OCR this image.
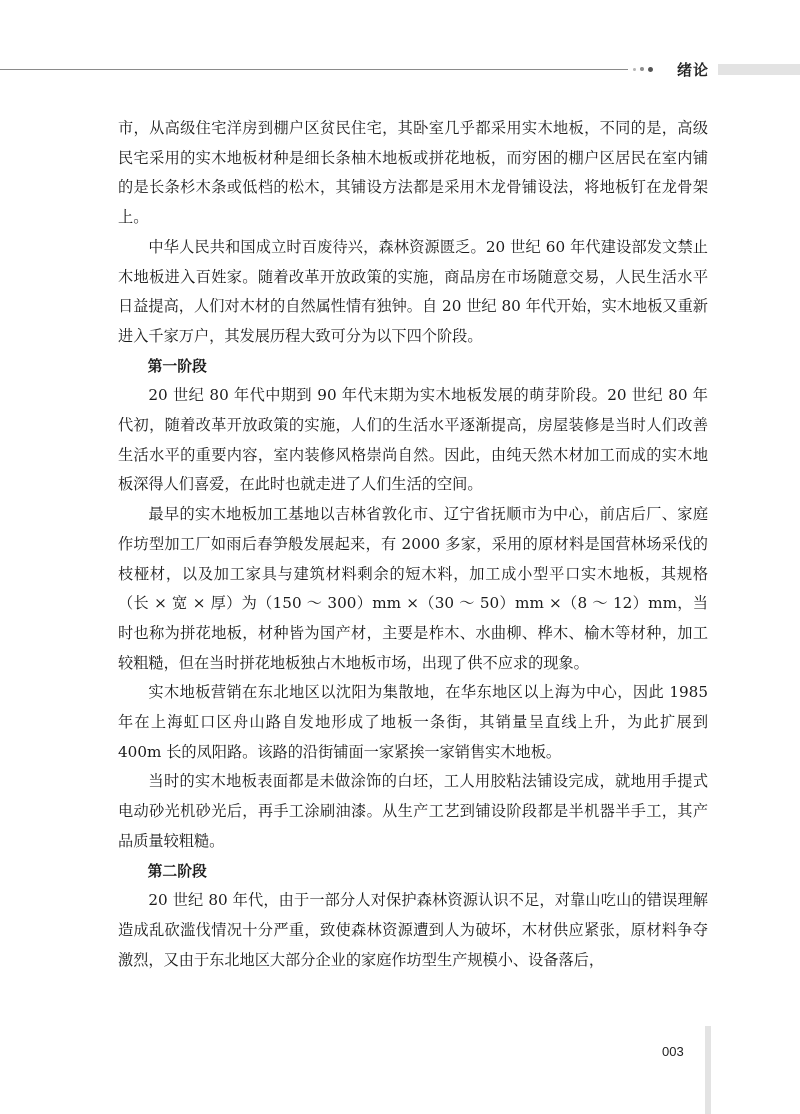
绪论

市，从高级住宅洋房到棚户区贫民住宅，其卧室几乎都采用实木地板，不同的是，高级民宅采用的实木地板材种是细长条柚木地板或拼花地板，而穷困的棚户区居民在室内铺的是长条杉木条或低档的松木，其铺设方法都是采用木龙骨铺设法，将地板钉在龙骨架上。

中华人民共和国成立时百废待兴，森林资源匮乏。20 世纪 60 年代建设部发文禁止木地板进入百姓家。随着改革开放政策的实施，商品房在市场随意交易，人民生活水平日益提高，人们对木材的自然属性情有独钟。自 20 世纪 80 年代开始，实木地板又重新进入千家万户，其发展历程大致可分为以下四个阶段。

第一阶段

20 世纪 80 年代中期到 90 年代末期为实木地板发展的萌芽阶段。20 世纪 80 年代初，随着改革开放政策的实施，人们的生活水平逐渐提高，房屋装修是当时人们改善生活水平的重要内容，室内装修风格崇尚自然。因此，由纯天然木材加工而成的实木地板深得人们喜爱，在此时也就走进了人们生活的空间。

最早的实木地板加工基地以吉林省敦化市、辽宁省抚顺市为中心，前店后厂、家庭作坊型加工厂如雨后春笋般发展起来，有 2000 多家，采用的原材料是国营林场采伐的枝桠材，以及加工家具与建筑材料剩余的短木料，加工成小型平口实木地板，其规格（长 × 宽 × 厚）为（150 ～ 300）mm ×（30 ～ 50）mm ×（8 ～ 12）mm，当时也称为拼花地板，材种皆为国产材，主要是柞木、水曲柳、桦木、榆木等材种，加工较粗糙，但在当时拼花地板独占木地板市场，出现了供不应求的现象。

实木地板营销在东北地区以沈阳为集散地，在华东地区以上海为中心，因此 1985 年在上海虹口区舟山路自发地形成了地板一条街，其销量呈直线上升，为此扩展到 400m 长的凤阳路。该路的沿街铺面一家紧挨一家销售实木地板。

当时的实木地板表面都是未做涂饰的白坯，工人用胶粘法铺设完成，就地用手提式电动砂光机砂光后，再手工涂刷油漆。从生产工艺到铺设阶段都是半机器半手工，其产品质量较粗糙。

第二阶段

20 世纪 80 年代，由于一部分人对保护森林资源认识不足，对靠山吃山的错误理解造成乱砍滥伐情况十分严重，致使森林资源遭到人为破坏，木材供应紧张，原材料争夺激烈，又由于东北地区大部分企业的家庭作坊型生产规模小、设备落后，

003
